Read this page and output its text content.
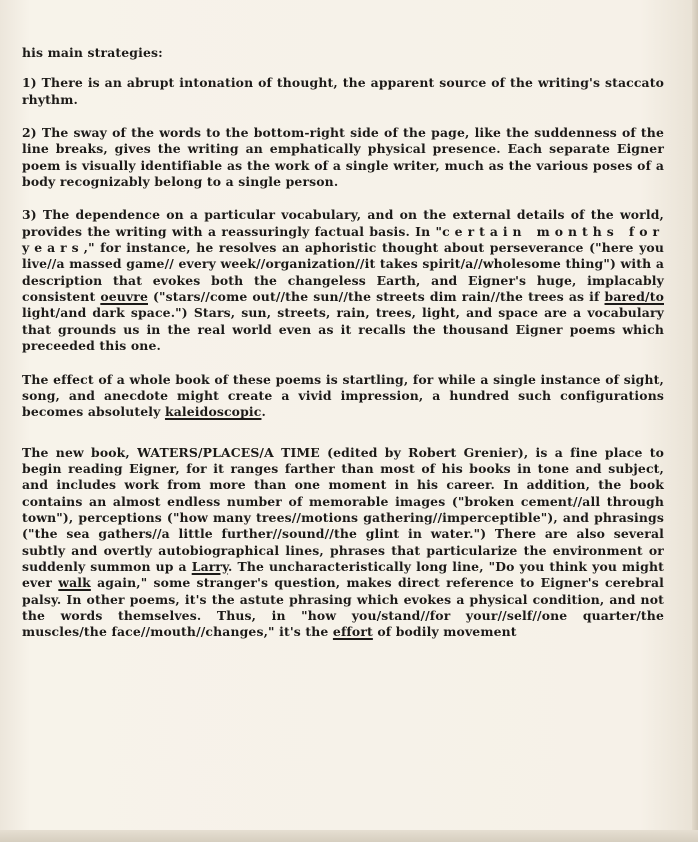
his main strategies:

1) There is an abrupt intonation of thought, the apparent source of the writing's staccato rhythm.

2) The sway of the words to the bottom-right side of the page, like the suddenness of the line breaks, gives the writing an emphatically physical presence. Each separate Eigner poem is visually identifiable as the work of a single writer, much as the various poses of a body recognizably belong to a single person.

3) The dependence on a particular vocabulary, and on the external details of the world, provides the writing with a reassuringly factual basis. In "certain months for years," for instance, he resolves an aphoristic thought about perseverance ("here you live//a massed game// every week//organization//it takes spirit/a//wholesome thing") with a description that evokes both the changeless Earth, and Eigner's huge, implacably consistent oeuvre ("stars//come out//the sun//the streets dim rain//the trees as if bared/to light/and dark space.") Stars, sun, streets, rain, trees, light, and space are a vocabulary that grounds us in the real world even as it recalls the thousand Eigner poems which preceeded this one.

The effect of a whole book of these poems is startling, for while a single instance of sight, song, and anecdote might create a vivid impression, a hundred such configurations becomes absolutely kaleidoscopic.

The new book, WATERS/PLACES/A TIME (edited by Robert Grenier), is a fine place to begin reading Eigner, for it ranges farther than most of his books in tone and subject, and includes work from more than one moment in his career. In addition, the book contains an almost endless number of memorable images ("broken cement//all through town"), perceptions ("how many trees//motions gathering//imperceptible"), and phrasings ("the sea gathers//a little further//sound//the glint in water.") There are also several subtly and overtly autobiographical lines, phrases that particularize the environment or suddenly summon up a Larry. The uncharacteristically long line, "Do you think you might ever walk again," some stranger's question, makes direct reference to Eigner's cerebral palsy. In other poems, it's the astute phrasing which evokes a physical condition, and not the words themselves. Thus, in "how you/stand//for your//self//one quarter/the muscles/the face//mouth//changes," it's the effort of bodily movement
